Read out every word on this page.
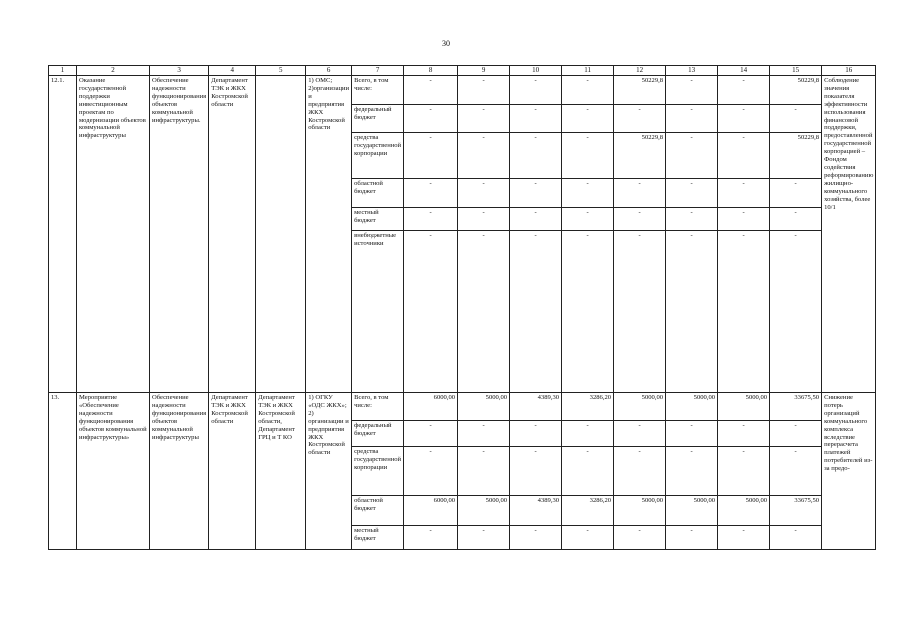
30
1	2	3	4	5	6	7	8	9	10	11	12	13	14	15	16
12.1.	Оказание государственной поддержки инвестиционным проектам по модернизации объектов коммунальной инфраструктуры	Обеспечение надежности функционирования объектов коммунальной инфраструктуры.	Департамент ТЭК и ЖКХ Костромской области		1) ОМС; 2)организации и предприятия ЖКХ Костромской области	Всего, в том числе:	-	-	-	-	50229,8	-	-	50229,8	Соблюдение значения показателя эффективности использования финансовой поддержки, предоставленной государственной корпорацией – Фондом содействия реформированию жилищно-коммунального хозяйства, более 10/1
						федеральный бюджет	-	-	-	-	-	-	-	-	
						средства государственной корпорации	-	-	-	-	50229,8	-	-	50229,8	
						областной бюджет	-	-	-	-	-	-	-	-	
						местный бюджет	-	-	-	-	-	-	-	-	
						внебюджетные источники	-	-	-	-	-	-	-	-	
13.	Мероприятие «Обеспечение надежности функционирования объектов коммунальной инфраструктуры»	Обеспечение надежности функционирования объектов коммунальной инфраструктуры	Департамент ТЭК и ЖКХ Костромской области	Департамент ТЭК и ЖКХ Костромской области, Департамент ГРЦ и Т КО	1) ОГКУ «ОДС ЖКХ»; 2) организации и предприятия ЖКХ Костромской области	Всего, в том числе:	6000,00	5000,00	4389,30	3286,20	5000,00	5000,00	5000,00	33675,50	Снижение потерь организаций коммунального комплекса вследствие перерасчета платежей потребителей из-за предо-
						федеральный бюджет	-	-	-	-	-	-	-	-	
						средства государственной корпорации	-	-	-	-	-	-	-	-	
						областной бюджет	6000,00	5000,00	4389,30	3286,20	5000,00	5000,00	5000,00	33675,50	
						местный бюджет	-	-	-	-	-	-	-	-	
